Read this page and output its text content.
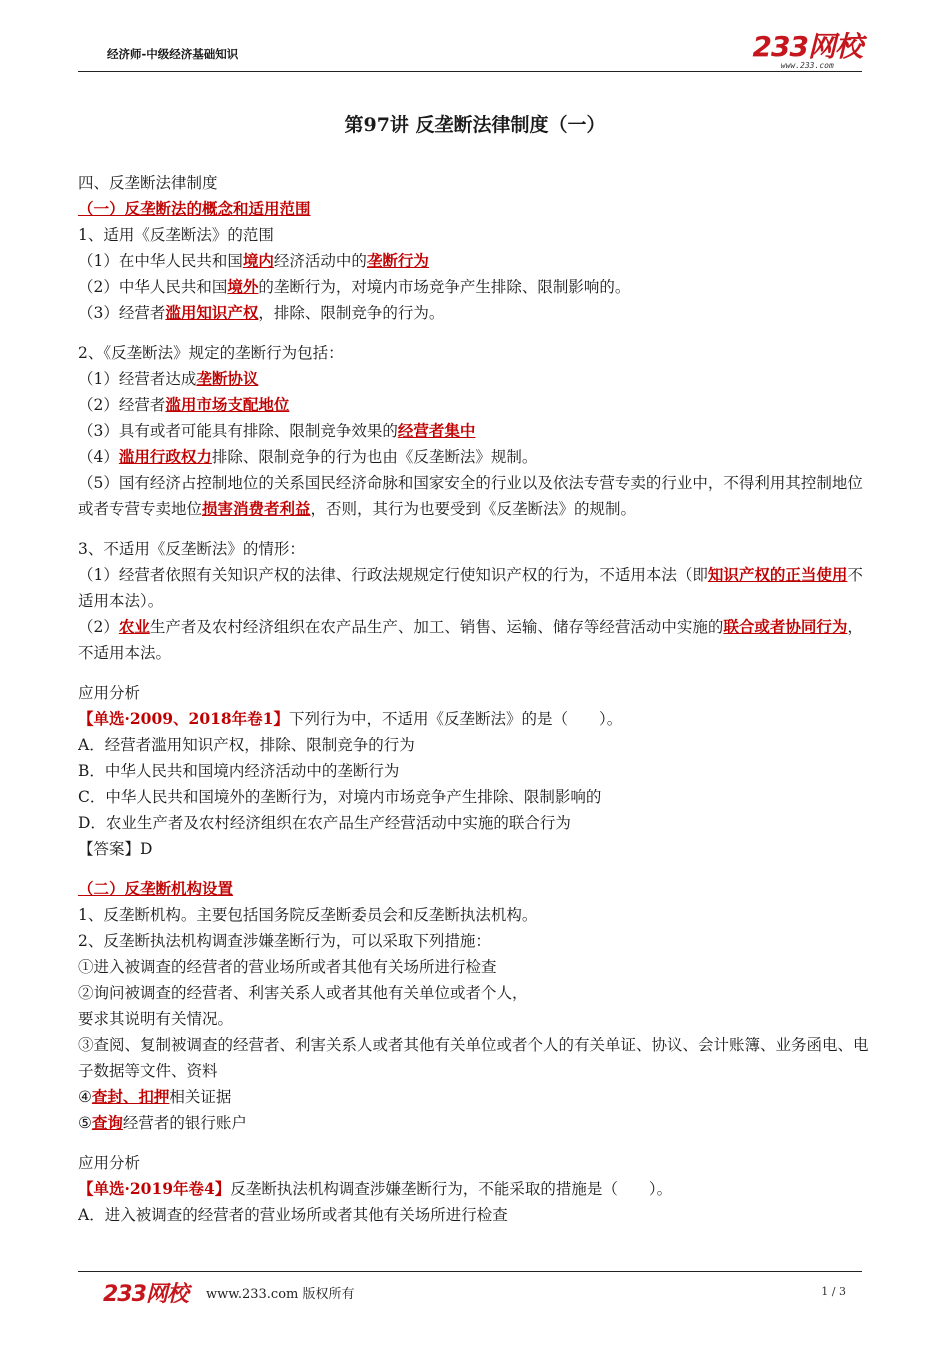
经济师-中级经济基础知识	233网校
www.233.com
第97讲 反垄断法律制度（一）

四、反垄断法律制度

（一）反垄断法的概念和适用范围

1、适用《反垄断法》的范围

（1）在中华人民共和国境内经济活动中的垄断行为

（2）中华人民共和国境外的垄断行为，对境内市场竞争产生排除、限制影响的。

（3）经营者滥用知识产权，排除、限制竞争的行为。

2、《反垄断法》规定的垄断行为包括：

（1）经营者达成垄断协议

（2）经营者滥用市场支配地位

（3）具有或者可能具有排除、限制竞争效果的经营者集中

（4）滥用行政权力排除、限制竞争的行为也由《反垄断法》规制。

（5）国有经济占控制地位的关系国民经济命脉和国家安全的行业以及依法专营专卖的行业中，不得利用其控制地位或者专营专卖地位损害消费者利益，否则，其行为也要受到《反垄断法》的规制。

3、不适用《反垄断法》的情形：

（1）经营者依照有关知识产权的法律、行政法规规定行使知识产权的行为，不适用本法（即知识产权的正当使用不适用本法）。

（2）农业生产者及农村经济组织在农产品生产、加工、销售、运输、储存等经营活动中实施的联合或者协同行为，不适用本法。

应用分析

【单选·2009、2018年卷1】下列行为中，不适用《反垄断法》的是（　　）。

A．经营者滥用知识产权，排除、限制竞争的行为

B．中华人民共和国境内经济活动中的垄断行为

C．中华人民共和国境外的垄断行为，对境内市场竞争产生排除、限制影响的

D．农业生产者及农村经济组织在农产品生产经营活动中实施的联合行为

【答案】D

（二）反垄断机构设置

1、反垄断机构。主要包括国务院反垄断委员会和反垄断执法机构。

2、反垄断执法机构调查涉嫌垄断行为，可以采取下列措施：

①进入被调查的经营者的营业场所或者其他有关场所进行检查

②询问被调查的经营者、利害关系人或者其他有关单位或者个人，

要求其说明有关情况。

③查阅、复制被调查的经营者、利害关系人或者其他有关单位或者个人的有关单证、协议、会计账簿、业务函电、电子数据等文件、资料

④查封、扣押相关证据

⑤查询经营者的银行账户

应用分析

【单选·2019年卷4】反垄断执法机构调查涉嫌垄断行为，不能采取的措施是（　　）。

A．进入被调查的经营者的营业场所或者其他有关场所进行检查

233网校 www.233.com 版权所有	1 / 3
